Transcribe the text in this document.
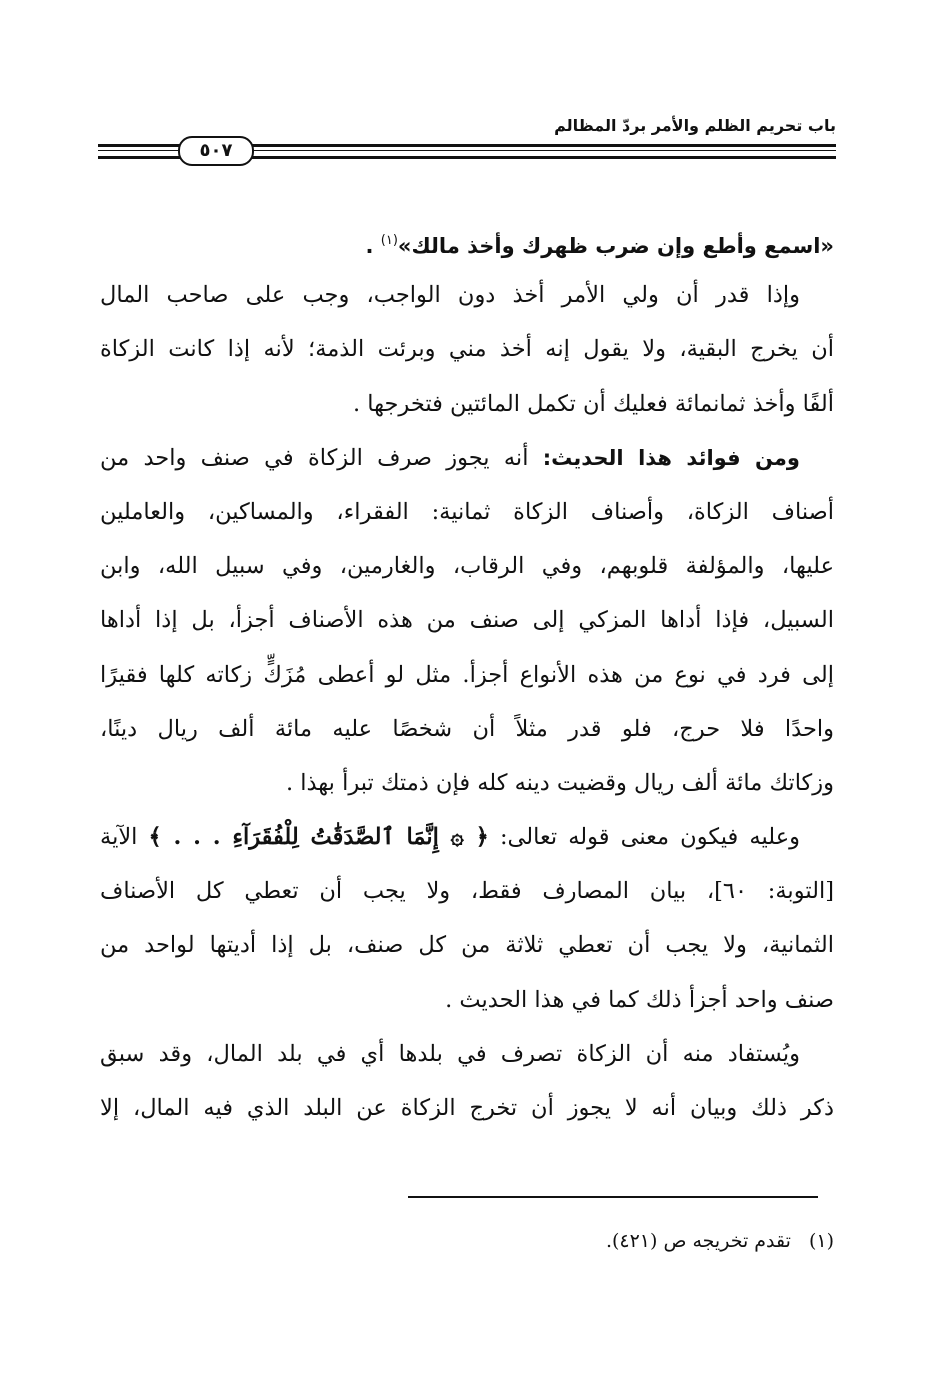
باب تحريم الظلم والأمر بردّ المظالم
٥٠٧
«اسمع وأطع وإن ضرب ظهرك وأخذ مالك»$^{(١)}$ .
وإذا قدر أن ولي الأمر أخذ دون الواجب، وجب على صاحب المال
أن يخرج البقية، ولا يقول إنه أخذ مني وبرئت الذمة؛ لأنه إذا كانت الزكاة
ألفًا وأخذ ثمانمائة فعليك أن تكمل المائتين فتخرجها .
ومن فوائد هذا الحديث: أنه يجوز صرف الزكاة في صنف واحد من
أصناف الزكاة، وأصناف الزكاة ثمانية: الفقراء، والمساكين، والعاملين
عليها، والمؤلفة قلوبهم، وفي الرقاب، والغارمين، وفي سبيل الله، وابن
السبيل، فإذا أداها المزكي إلى صنف من هذه الأصناف أجزأ، بل إذا أداها
إلى فرد في نوع من هذه الأنواع أجزأ. مثل لو أعطى مُزَكٍّ زكاته كلها فقيرًا
واحدًا فلا حرج، فلو قدر مثلاً أن شخصًا عليه مائة ألف ريال دينًا،
وزكاتك مائة ألف ريال وقضيت دينه كله فإن ذمتك تبرأ بهذا .
وعليه فيكون معنى قوله تعالى: ﴿ ۞ إِنَّمَا ٱلصَّدَقَٰتُ لِلْفُقَرَآءِ . . . ﴾ الآية
[التوبة: ٦٠]، بيان المصارف فقط، ولا يجب أن تعطي كل الأصناف
الثمانية، ولا يجب أن تعطي ثلاثة من كل صنف، بل إذا أديتها لواحد من
صنف واحد أجزأ ذلك كما في هذا الحديث .
ويُستفاد منه أن الزكاة تصرف في بلدها أي في بلد المال، وقد سبق
ذكر ذلك وبيان أنه لا يجوز أن تخرج الزكاة عن البلد الذي فيه المال، إلا
(١)تقدم تخريجه ص (٤٢١).
